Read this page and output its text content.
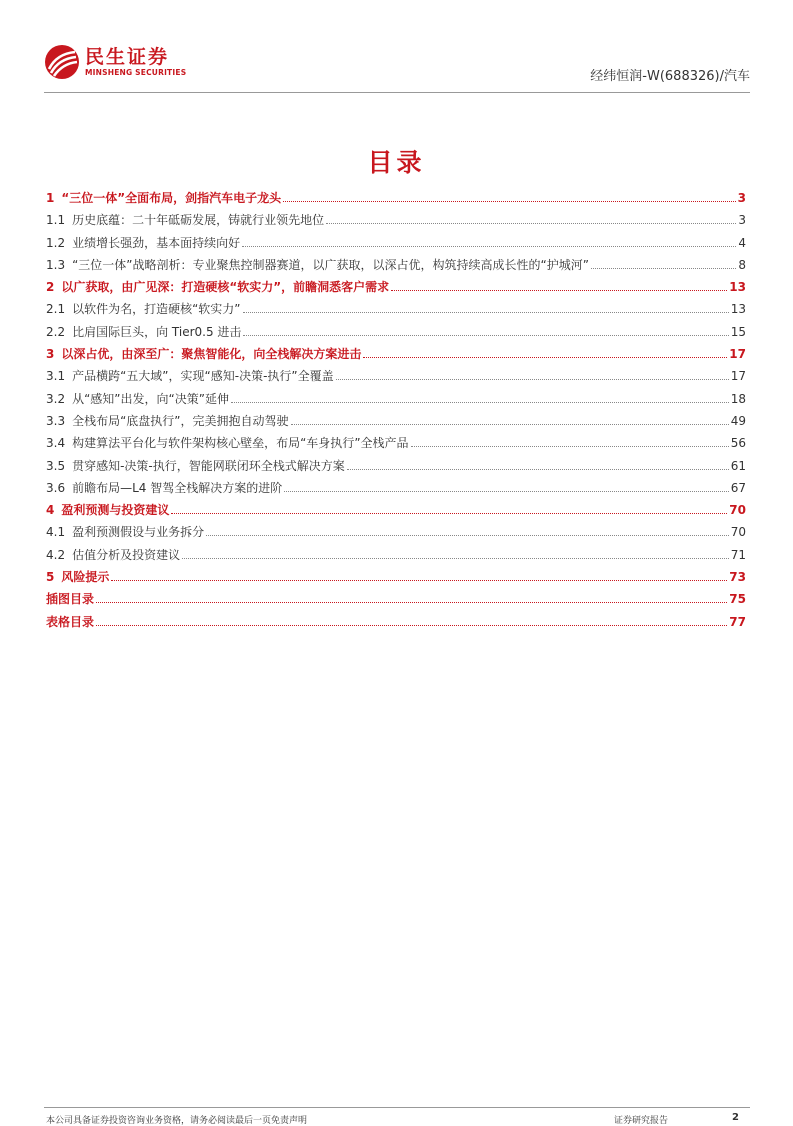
民生证券
MINSHENG SECURITIES	经纬恒润-W(688326)/汽车
目录
1 “三位一体”全面布局，剑指汽车电子龙头	3
1.1 历史底蕴：二十年砥砺发展，铸就行业领先地位	3
1.2 业绩增长强劲，基本面持续向好	4
1.3 “三位一体”战略剖析：专业聚焦控制器赛道，以广获取，以深占优，构筑持续高成长性的“护城河”	8
2 以广获取，由广见深：打造硬核“软实力”，前瞻洞悉客户需求	13
2.1 以软件为名，打造硬核“软实力”	13
2.2 比肩国际巨头，向 Tier0.5 进击	15
3 以深占优，由深至广：聚焦智能化，向全栈解决方案进击	17
3.1 产品横跨“五大域”，实现“感知-决策-执行”全覆盖	17
3.2 从“感知”出发，向“决策”延伸	18
3.3 全栈布局“底盘执行”，完美拥抱自动驾驶	49
3.4 构建算法平台化与软件架构核心壁垒，布局“车身执行”全栈产品	56
3.5 贯穿感知-决策-执行，智能网联闭环全栈式解决方案	61
3.6 前瞻布局—L4 智驾全栈解决方案的进阶	67
4 盈利预测与投资建议	70
4.1 盈利预测假设与业务拆分	70
4.2 估值分析及投资建议	71
5 风险提示	73
插图目录	75
表格目录	77
本公司具备证券投资咨询业务资格，请务必阅读最后一页免责声明	证券研究报告	2
